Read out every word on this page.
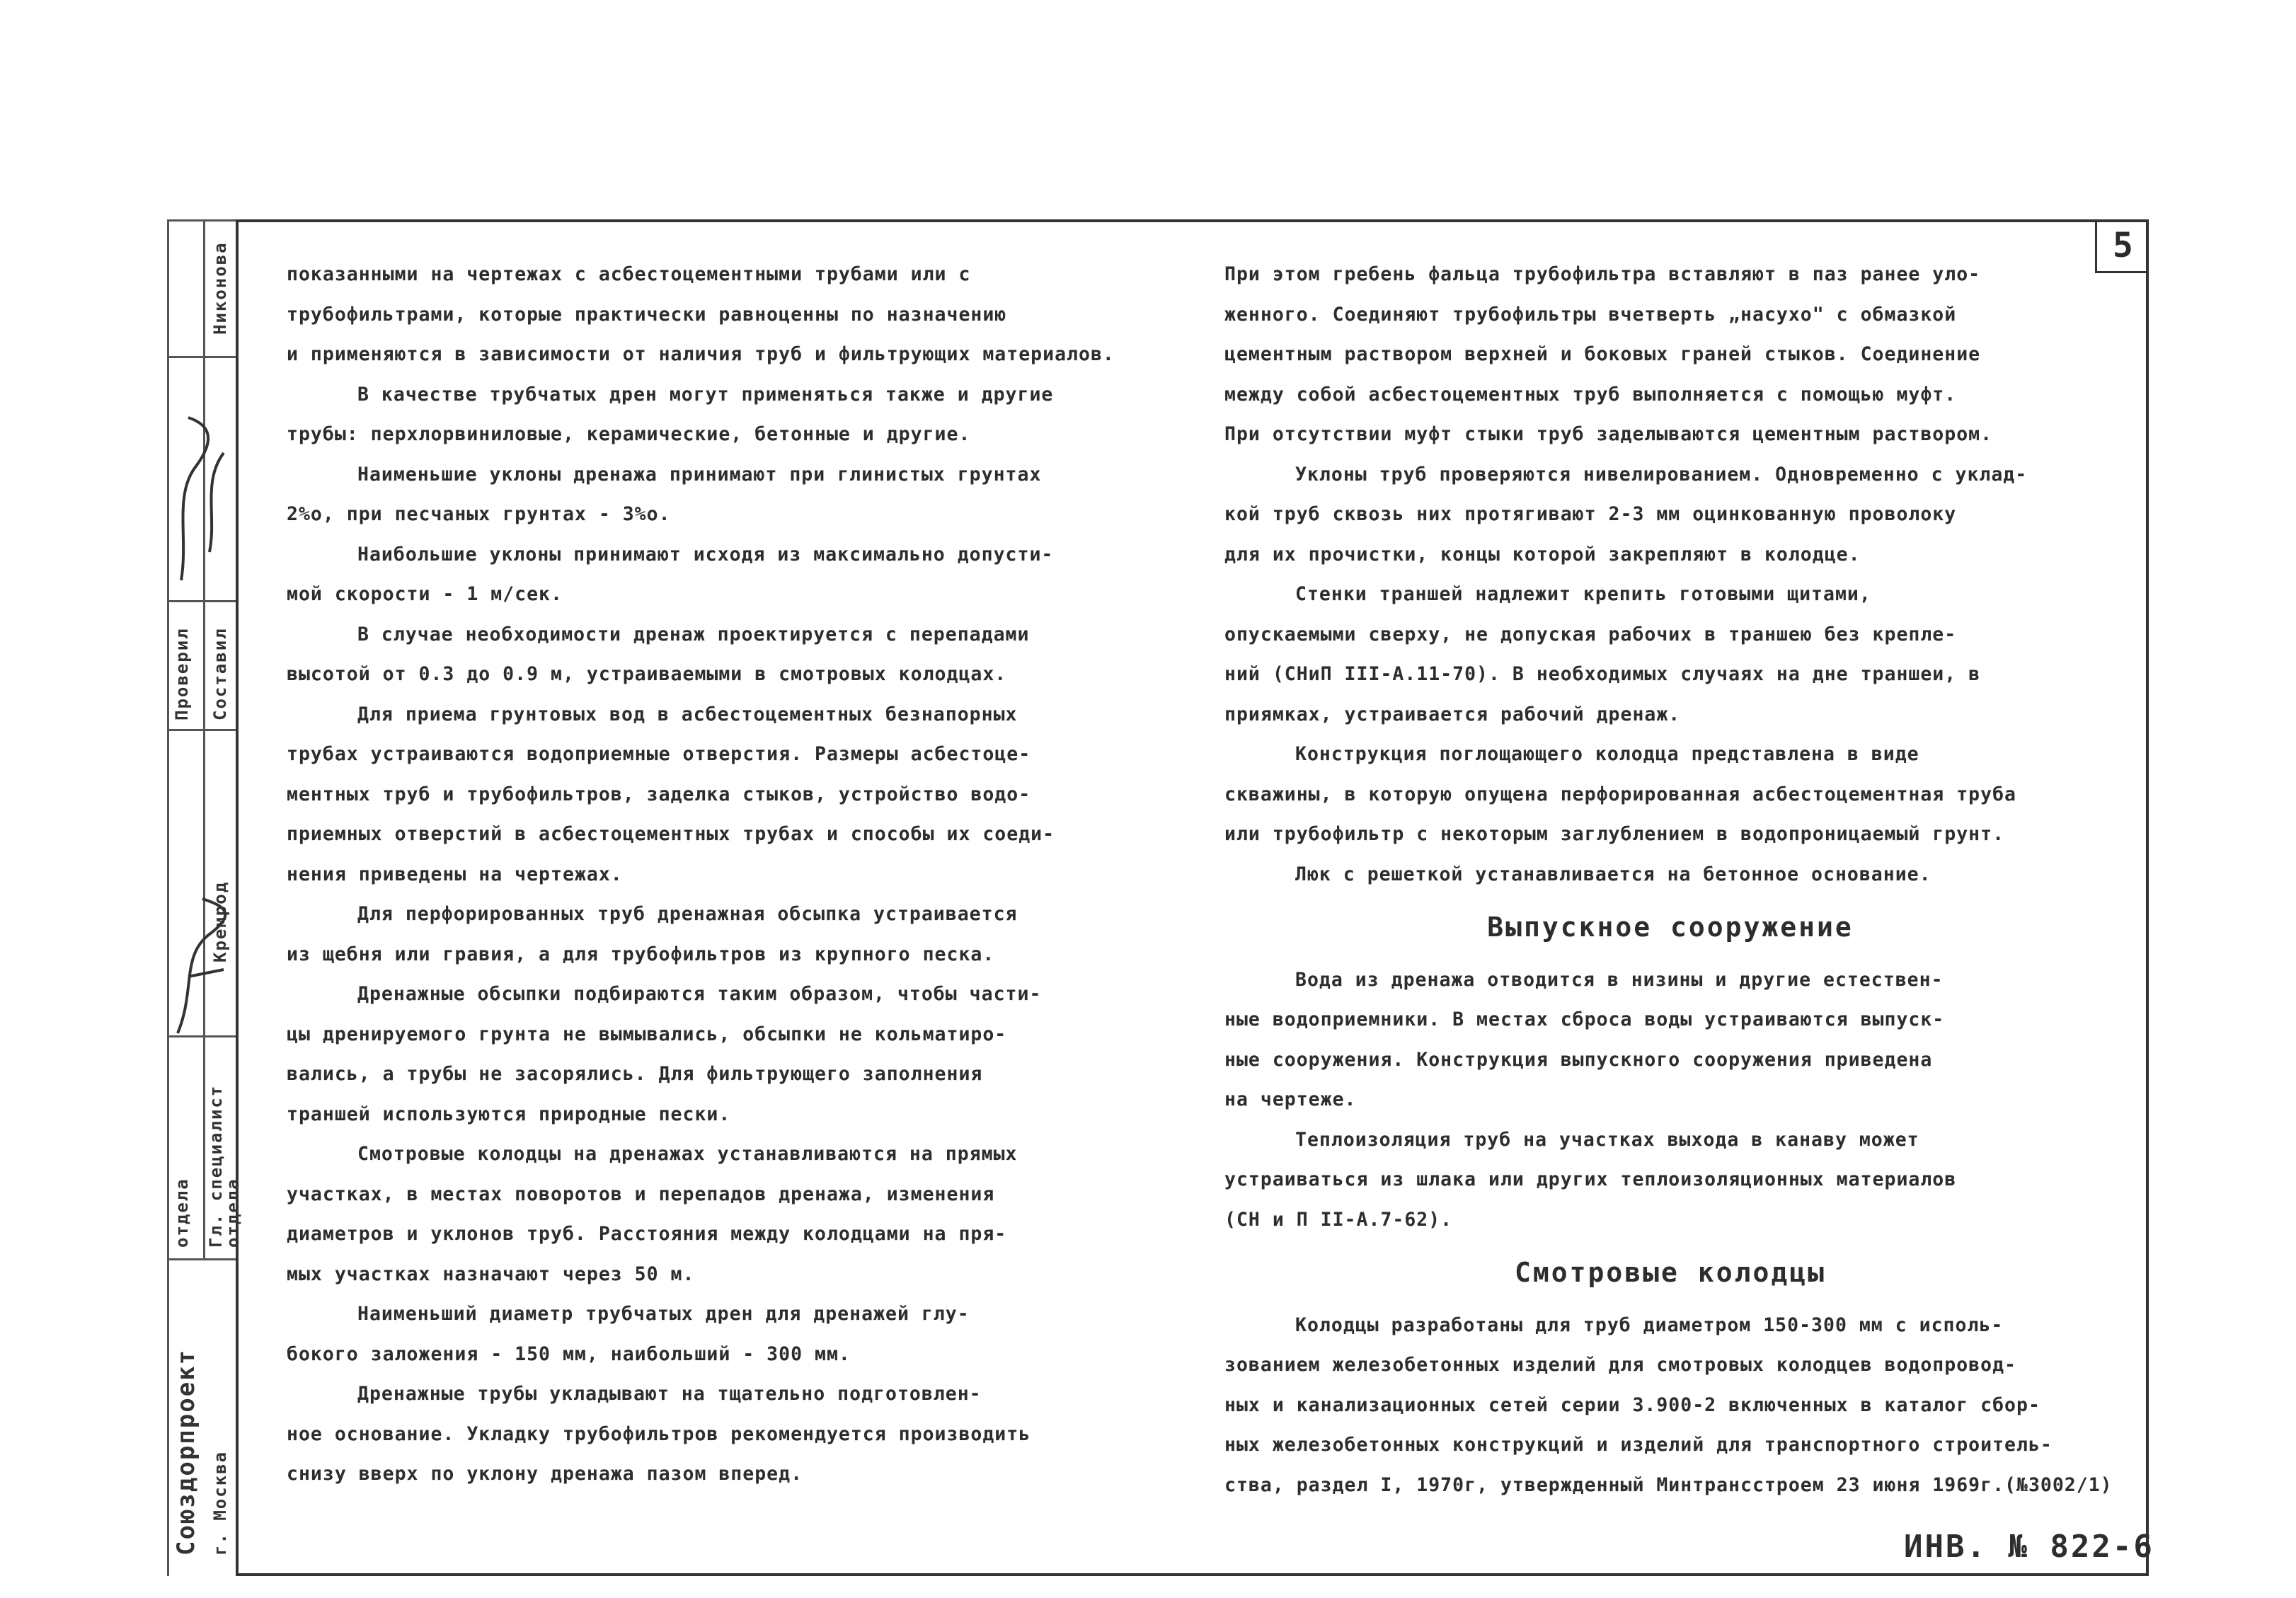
Никонова
Проверил Составил
Кремрод
отдела Гл. специалист
отдела
Союздорпроект г. Москва
5

показанными на чертежах с асбестоцементными трубами или с

трубофильтрами, которые практически равноценны по назначению

и применяются в зависимости от наличия труб и фильтрующих материалов.

В качестве трубчатых дрен могут применяться также и другие

трубы: перхлорвиниловые, керамические, бетонные и другие.

Наименьшие уклоны дренажа принимают при глинистых грунтах

2%о, при песчаных грунтах - 3%о.

Наибольшие уклоны принимают исходя из максимально допусти-

мой скорости - 1 м/сек.

В случае необходимости дренаж проектируется с перепадами

высотой от 0.3 до 0.9 м, устраиваемыми в смотровых колодцах.

Для приема грунтовых вод в асбестоцементных безнапорных

трубах устраиваются водоприемные отверстия. Размеры асбестоце-

ментных труб и трубофильтров, заделка стыков, устройство водо-

приемных отверстий в асбестоцементных трубах и способы их соеди-

нения приведены на чертежах.

Для перфорированных труб дренажная обсыпка устраивается

из щебня или гравия, а для трубофильтров из крупного песка.

Дренажные обсыпки подбираются таким образом, чтобы части-

цы дренируемого грунта не вымывались, обсыпки не кольматиро-

вались, а трубы не засорялись. Для фильтрующего заполнения

траншей используются природные пески.

Смотровые колодцы на дренажах устанавливаются на прямых

участках, в местах поворотов и перепадов дренажа, изменения

диаметров и уклонов труб. Расстояния между колодцами на пря-

мых участках назначают через 50 м.

Наименьший диаметр трубчатых дрен для дренажей глу-

бокого заложения - 150 мм, наибольший - 300 мм.

Дренажные трубы укладывают на тщательно подготовлен-

ное основание. Укладку трубофильтров рекомендуется производить

снизу вверх по уклону дренажа пазом вперед.

При этом гребень фальца трубофильтра вставляют в паз ранее уло-

женного. Соединяют трубофильтры вчетверть „насухо" с обмазкой

цементным раствором верхней и боковых граней стыков. Соединение

между собой асбестоцементных труб выполняется с помощью муфт.

При отсутствии муфт стыки труб заделываются цементным раствором.

Уклоны труб проверяются нивелированием. Одновременно с уклад-

кой труб сквозь них протягивают 2-3 мм оцинкованную проволоку

для их прочистки, концы которой закрепляют в колодце.

Стенки траншей надлежит крепить готовыми щитами,

опускаемыми сверху, не допуская рабочих в траншею без крепле-

ний (СНиП III-А.11-70). В необходимых случаях на дне траншеи, в

приямках, устраивается рабочий дренаж.

Конструкция поглощающего колодца представлена в виде

скважины, в которую опущена перфорированная асбестоцементная труба

или трубофильтр с некоторым заглублением в водопроницаемый грунт.

Люк с решеткой устанавливается на бетонное основание.

Выпускное сооружение

Вода из дренажа отводится в низины и другие естествен-

ные водоприемники. В местах сброса воды устраиваются выпуск-

ные сооружения. Конструкция выпускного сооружения приведена

на чертеже.

Теплоизоляция труб на участках выхода в канаву может

устраиваться из шлака или других теплоизоляционных материалов

(СН и П II-А.7-62).

Смотровые колодцы

Колодцы разработаны для труб диаметром 150-300 мм с исполь-

зованием железобетонных изделий для смотровых колодцев водопровод-

ных и канализационных сетей серии 3.900-2 включенных в каталог сбор-

ных железобетонных конструкций и изделий для транспортного строитель-

ства, раздел I, 1970г, утвержденный Минтрансстроем 23 июня 1969г.(№3002/1)

ИНВ. № 822-6
